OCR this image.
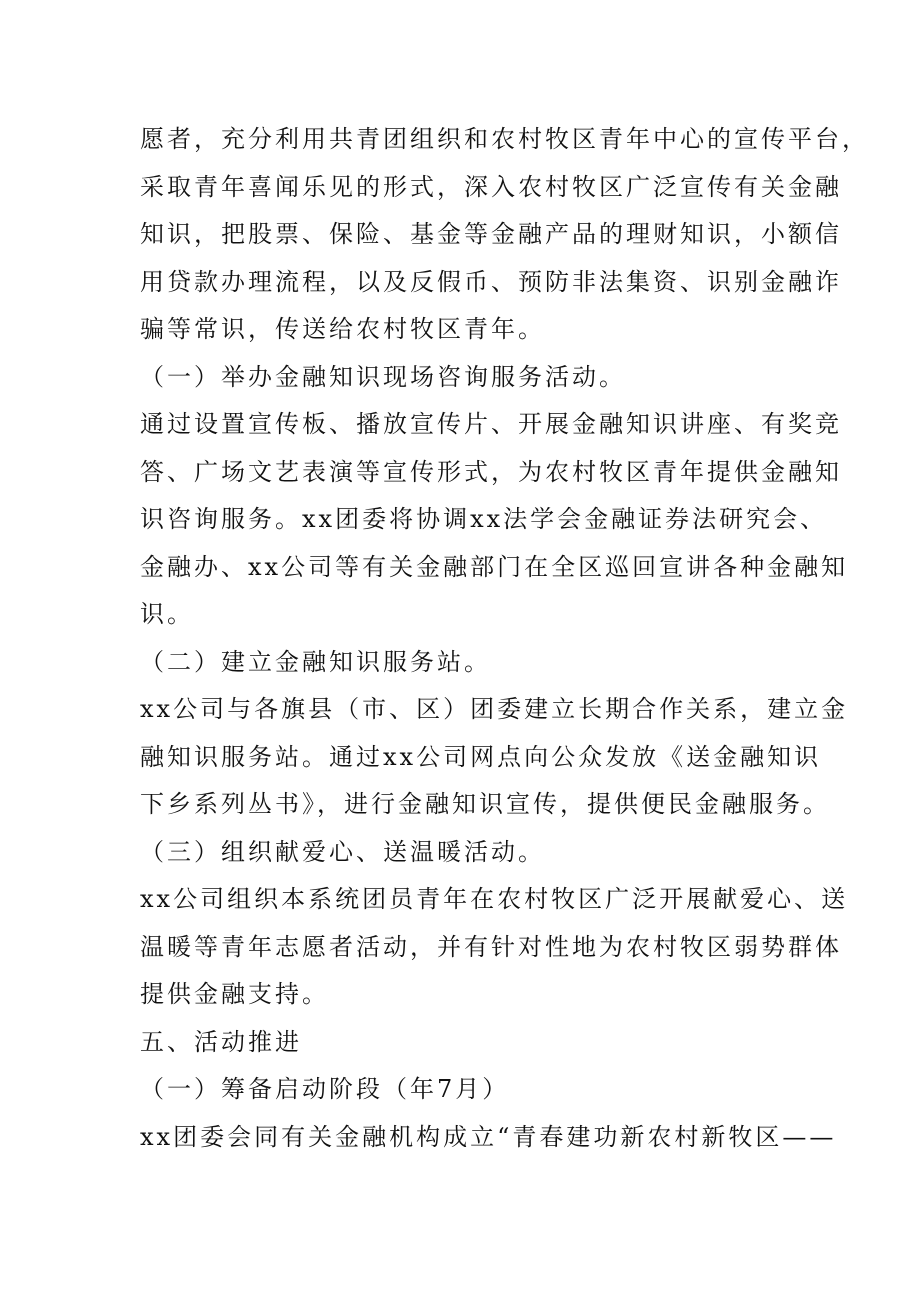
愿者，充分利用共青团组织和农村牧区青年中心的宣传平台，
采取青年喜闻乐见的形式，深入农村牧区广泛宣传有关金融
知识，把股票、保险、基金等金融产品的理财知识，小额信
用贷款办理流程，以及反假币、预防非法集资、识别金融诈
骗等常识，传送给农村牧区青年。
（一）举办金融知识现场咨询服务活动。
通过设置宣传板、播放宣传片、开展金融知识讲座、有奖竞
答、广场文艺表演等宣传形式，为农村牧区青年提供金融知
识咨询服务。xx团委将协调xx法学会金融证券法研究会、
金融办、xx公司等有关金融部门在全区巡回宣讲各种金融知
识。
（二）建立金融知识服务站。
xx公司与各旗县（市、区）团委建立长期合作关系，建立金
融知识服务站。通过xx公司网点向公众发放《送金融知识
下乡系列丛书》，进行金融知识宣传，提供便民金融服务。
（三）组织献爱心、送温暖活动。
xx公司组织本系统团员青年在农村牧区广泛开展献爱心、送
温暖等青年志愿者活动，并有针对性地为农村牧区弱势群体
提供金融支持。
五、活动推进
（一）筹备启动阶段（年7月）
xx团委会同有关金融机构成立“青春建功新农村新牧区——
